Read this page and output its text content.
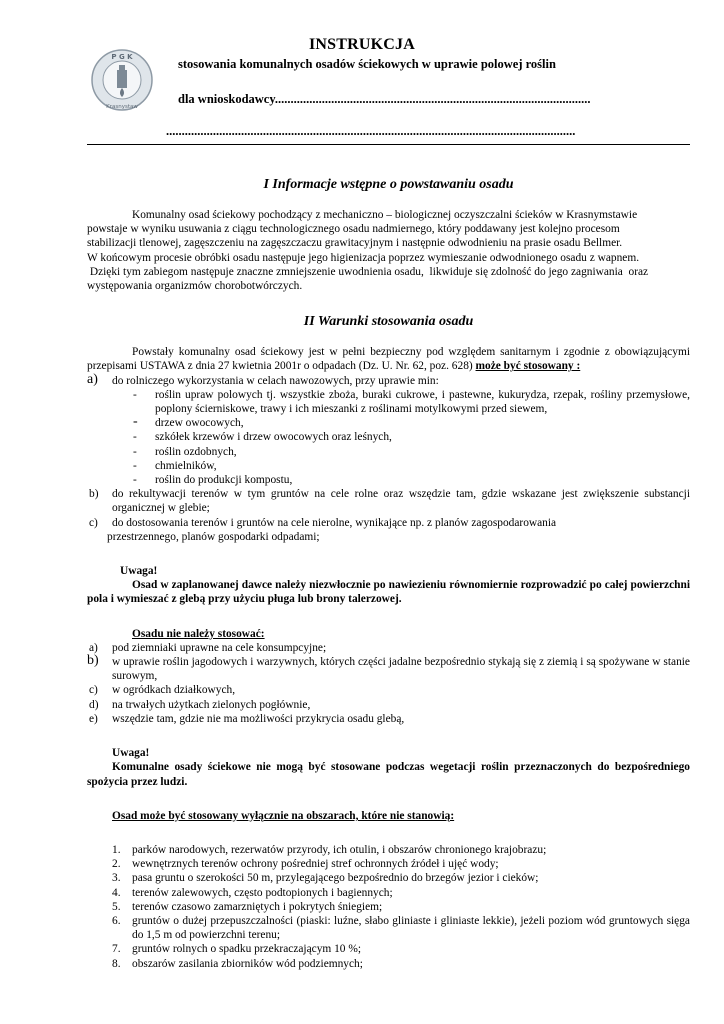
P G K
Krasnystaw
INSTRUKCJA
stosowania komunalnych osadów ściekowych w uprawie polowej roślin
dla wnioskodawcy.....................................................................................................
...................................................................................................................................
I Informacje wstępne o powstawaniu osadu

Komunalny osad ściekowy pochodzący z mechaniczno – biologicznej oczyszczalni ścieków w Krasnymstawie

powstaje w wyniku usuwania z ciągu technologicznego osadu nadmiernego, który poddawany jest kolejno procesom

stabilizacji tlenowej, zagęszczeniu na zagęszczaczu grawitacyjnym i następnie odwodnieniu na prasie osadu Bellmer.

W końcowym procesie obróbki osadu następuje jego higienizacja poprzez wymieszanie odwodnionego osadu z wapnem.

Dzięki tym zabiegom następuje znaczne zmniejszenie uwodnienia osadu,  likwiduje się zdolność do jego zagniwania  oraz

występowania organizmów chorobotwórczych.

II Warunki stosowania osadu

Powstały komunalny osad ściekowy jest w pełni bezpieczny pod względem sanitarnym i zgodnie z obowiązującymi przepisami USTAWA z dnia 27 kwietnia 2001r o odpadach (Dz. U. Nr. 62, poz. 628) może być stosowany :

a) do rolniczego wykorzystania w celach nawozowych, przy uprawie min:
- roślin upraw polowych tj. wszystkie zboża, buraki cukrowe, i pastewne, kukurydza, rzepak, rośliny przemysłowe, poplony ścierniskowe, trawy i ich mieszanki z roślinami motylkowymi przed siewem,
- drzew owocowych,
- szkółek krzewów i drzew owocowych oraz leśnych,
- roślin ozdobnych,
- chmielników,
- roślin do produkcji kompostu,
b) do rekultywacji terenów w tym gruntów na cele rolne oraz wszędzie tam, gdzie wskazane jest zwiększenie substancji organicznej w glebie;
c) do dostosowania terenów i gruntów na cele nierolne, wynikające np. z planów zagospodarowania

przestrzennego, planów gospodarki odpadami;

Uwaga!

Osad w zaplanowanej dawce należy niezwłocznie po nawiezieniu równomiernie rozprowadzić po całej powierzchni pola i wymieszać z glebą przy użyciu pługa lub brony talerzowej.

Osadu nie należy stosować:

a) pod ziemniaki uprawne na cele konsumpcyjne;
b) w uprawie roślin jagodowych i warzywnych, których części jadalne bezpośrednio stykają się z ziemią i są spożywane w stanie surowym,
c) w ogródkach działkowych,
d) na trwałych użytkach zielonych pogłównie,
e) wszędzie tam, gdzie nie ma możliwości przykrycia osadu glebą,

Uwaga!

Komunalne osady ściekowe nie mogą być stosowane podczas wegetacji roślin przeznaczonych do bezpośredniego spożycia przez ludzi.

Osad może być stosowany wyłącznie na obszarach, które nie stanowią:

1. parków narodowych, rezerwatów przyrody, ich otulin, i obszarów chronionego krajobrazu;
2. wewnętrznych terenów ochrony pośredniej stref ochronnych źródeł i ujęć wody;
3. pasa gruntu o szerokości 50 m, przylegającego bezpośrednio do brzegów jezior i cieków;
4. terenów zalewowych, często podtopionych i bagiennych;
5. terenów czasowo zamarzniętych i pokrytych śniegiem;
6. gruntów o dużej przepuszczalności (piaski: luźne, słabo gliniaste i gliniaste lekkie), jeżeli poziom wód gruntowych sięga do 1,5 m od powierzchni terenu;
7. gruntów rolnych o spadku przekraczającym 10 %;
8. obszarów zasilania zbiorników wód podziemnych;
